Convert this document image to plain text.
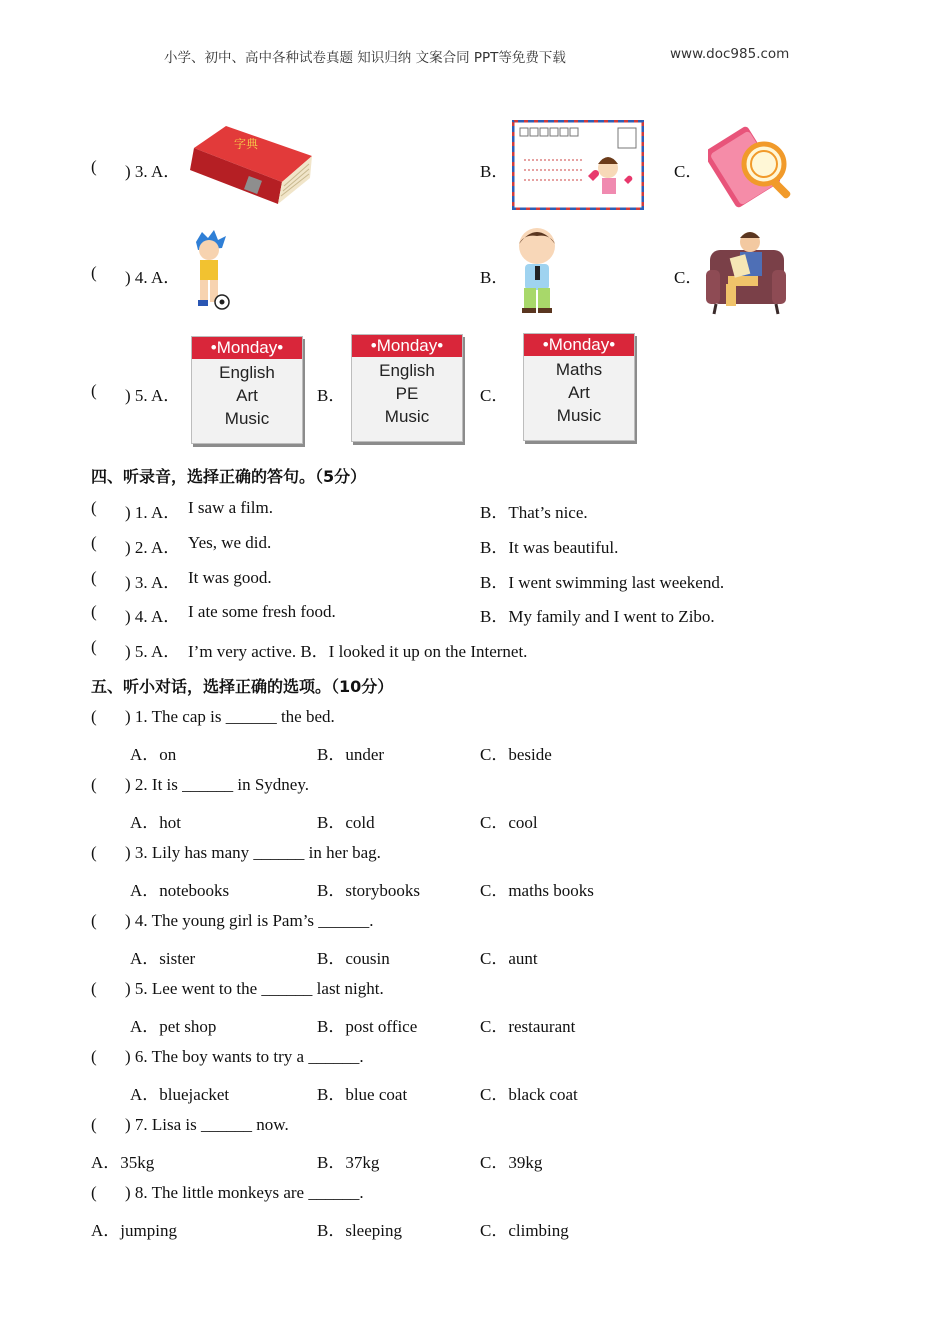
小学、初中、高中各种试卷真题 知识归纳 文案合同 PPT等免费下载	www.doc985.com
( ) 3. A．
字典
B．	C．
( ) 4. A．	B．	C．
( ) 5. A．
•Monday•
English
Art
Music
B．
•Monday•
English
PE
Music
C．
•Monday•
Maths
Art
Music
四、听录音，选择正确的答句。（5分）
( ) 1. A． I saw a film.	B．That’s nice.
( ) 2. A． Yes, we did.	B．It was beautiful.
( ) 3. A． It was good.	B．I went swimming last weekend.
( ) 4. A． I ate some fresh food.	B．My family and I went to Zibo.
( ) 5. A． I’m very active. B．I looked it up on the Internet.
五、听小对话，选择正确的选项。（10分）
( ) 1. The cap is ______ the bed.
A．on	B．under	C．beside
( ) 2. It is ______ in Sydney.
A．hot	B．cold	C．cool
( ) 3. Lily has many ______ in her bag.
A．notebooks	B．storybooks	C．maths books
( ) 4. The young girl is Pam’s ______.
A．sister	B．cousin	C．aunt
( ) 5. Lee went to the ______ last night.
A．pet shop	B．post office	C．restaurant
( ) 6. The boy wants to try a ______.
A．bluejacket	B．blue coat	C．black coat
( ) 7. Lisa is ______ now.
A．35kg	B．37kg	C．39kg
( ) 8. The little monkeys are ______.
A．jumping	B．sleeping	C．climbing
